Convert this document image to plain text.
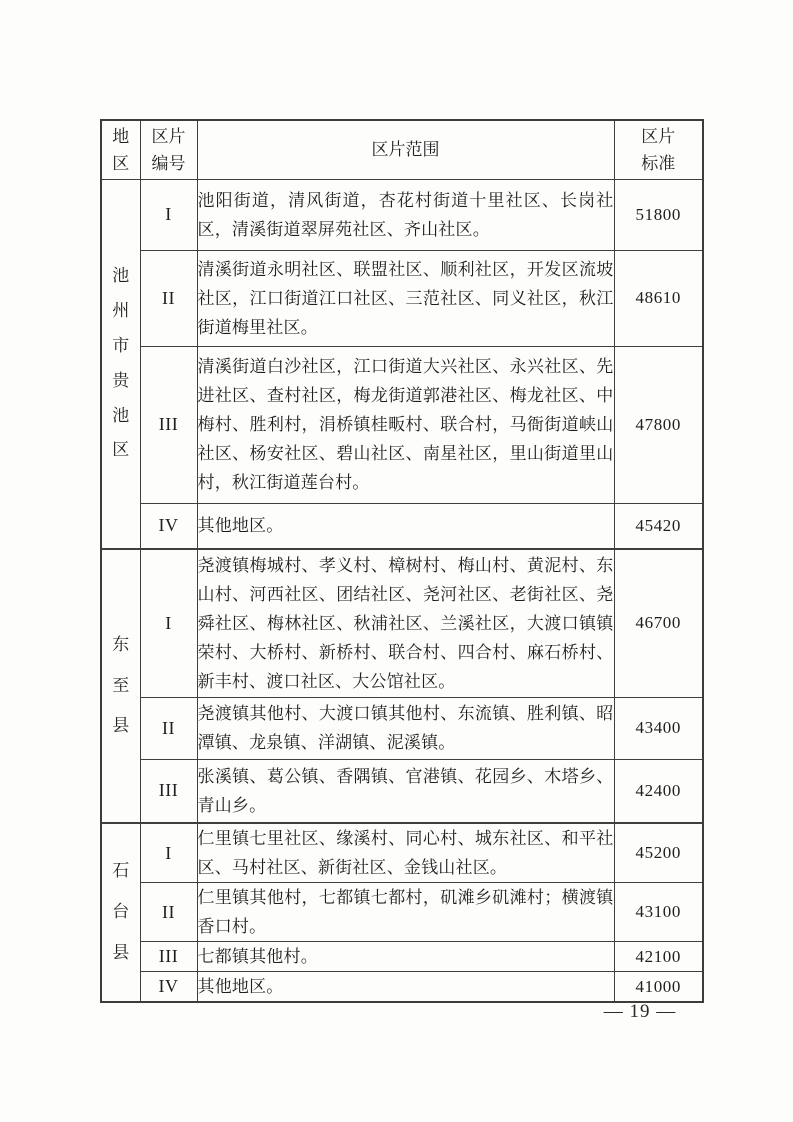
地区	区片编号	区片范围	区片标准

池州市贵池区	I	池阳街道，清风街道，杏花村街道十里社区、长岗社区，清溪街道翠屏苑社区、齐山社区。	51800
	II	清溪街道永明社区、联盟社区、顺利社区，开发区流坡社区，江口街道江口社区、三范社区、同义社区，秋江街道梅里社区。	48610
	III	清溪街道白沙社区，江口街道大兴社区、永兴社区、先进社区、查村社区，梅龙街道郭港社区、梅龙社区、中梅村、胜利村，涓桥镇桂畈村、联合村，马衙街道峡山社区、杨安社区、碧山社区、南星社区，里山街道里山村，秋江街道莲台村。	47800
	IV	其他地区。	45420

东至县	I	尧渡镇梅城村、孝义村、樟树村、梅山村、黄泥村、东山村、河西社区、团结社区、尧河社区、老街社区、尧舜社区、梅林社区、秋浦社区、兰溪社区，大渡口镇镇荣村、大桥村、新桥村、联合村、四合村、麻石桥村、新丰村、渡口社区、大公馆社区。	46700
	II	尧渡镇其他村、大渡口镇其他村、东流镇、胜利镇、昭潭镇、龙泉镇、洋湖镇、泥溪镇。	43400
	III	张溪镇、葛公镇、香隅镇、官港镇、花园乡、木塔乡、青山乡。	42400

石台县	I	仁里镇七里社区、缘溪村、同心村、城东社区、和平社区、马村社区、新街社区、金钱山社区。	45200
	II	仁里镇其他村，七都镇七都村，矶滩乡矶滩村；横渡镇香口村。	43100
	III	七都镇其他村。	42100
	IV	其他地区。	41000
— 19 —
